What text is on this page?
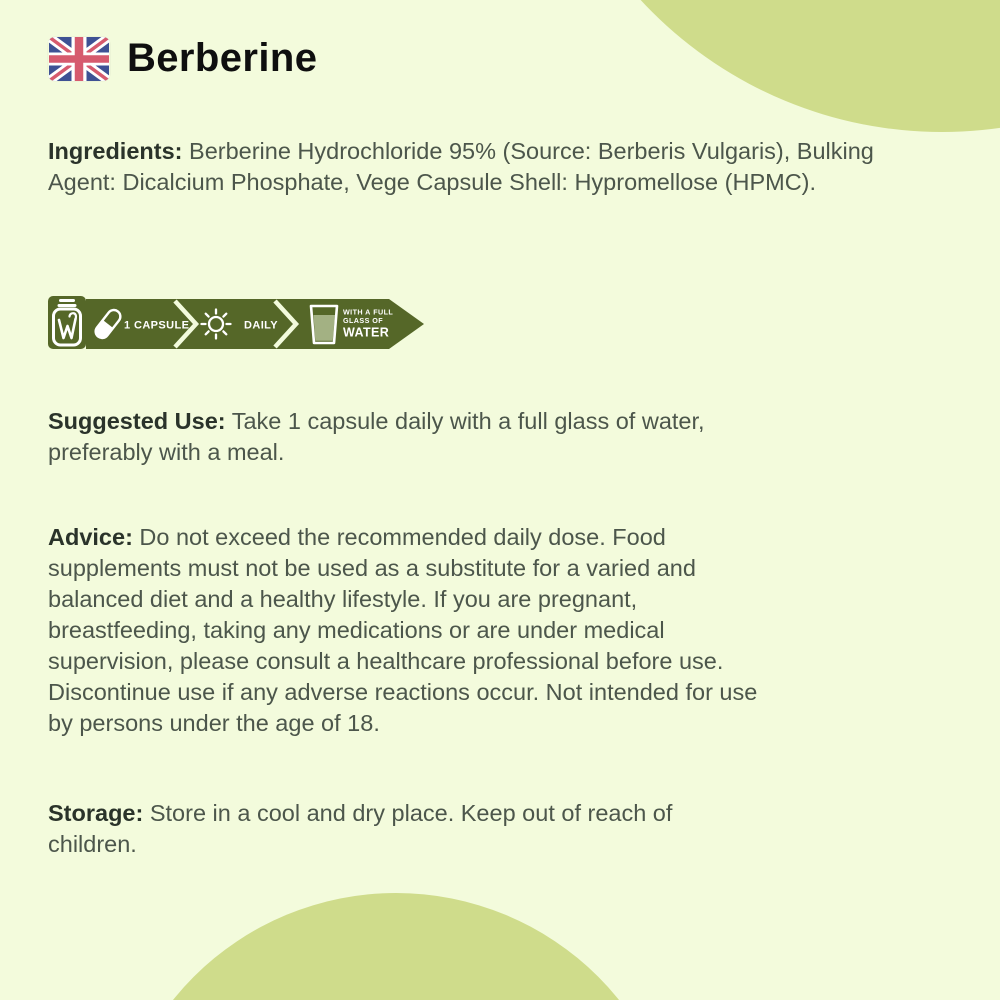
Berberine

Ingredients: Berberine Hydrochloride 95% (Source: Berberis Vulgaris), Bulking Agent: Dicalcium Phosphate, Vege Capsule Shell: Hypromellose (HPMC).

1 CAPSULE	DAILY
WITH A FULL
GLASS OF
WATER

Suggested Use: Take 1 capsule daily with a full glass of water, preferably with a meal.

Advice: Do not exceed the recommended daily dose. Food supplements must not be used as a substitute for a varied and balanced diet and a healthy lifestyle. If you are pregnant, breastfeeding, taking any medications or are under medical supervision, please consult a healthcare professional before use. Discontinue use if any adverse reactions occur. Not intended for use by persons under the age of 18.

Storage: Store in a cool and dry place. Keep out of reach of children.
